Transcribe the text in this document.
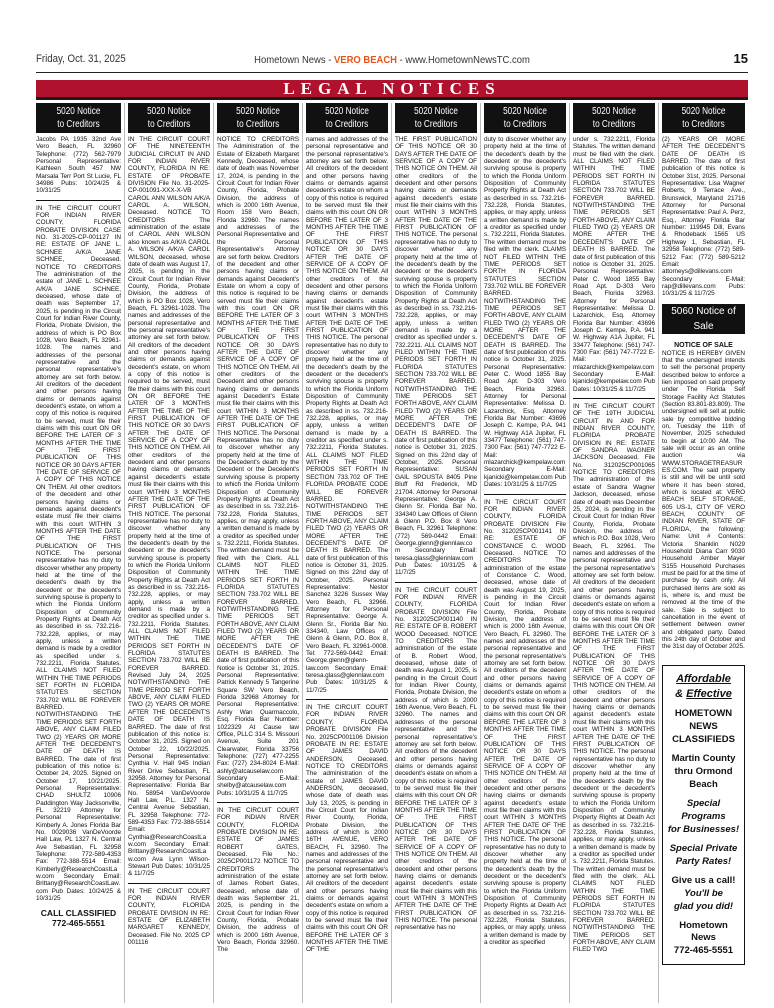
Friday, Oct. 31, 2025	Hometown News - VERO BEACH - www.HometownNewsTC.com	15
LEGAL NOTICES
5020 Notice
to Creditors
Jacobs PA 1935 32nd Ave Vero Beach, FL 32960 Telephone: (772) 562-7979 Personal Representative: Kathleen South 457 NW Marsala Terr Port St Lucie, FL 34986 Pubs: 10/24/25 & 10/31/25
IN THE CIRCUIT COURT FOR INDIAN RIVER COUNTY, FLORIDA PROBATE DIVISION CASE NO. 31-2025-CP-001127 IN RE: ESTATE OF JANE L. SCHNEE A/K/A JANE SCHNEE, Deceased. NOTICE TO CREDITORS The administration of the estate of JANE L. SCHNEE A/K/A JANE SCHNEE, deceased, whose date of death was September 17, 2025, is pending in the Circuit Court for Indian River County, Florida, Probate Division, the address of which is PO Box 1028, Vero Beach, FL 32961-1028. The names and addresses of the personal representative and the personal representative's attorney are set forth below. All creditors of the decedent and other persons having claims or demands against decedent's estate, on whom a copy of this notice is required to be served, must file their claims with this court ON OR BEFORE THE LATER OF 3 MONTHS AFTER THE TIME OF THE FIRST PUBLICATION OF THIS NOTICE OR 30 DAYS AFTER THE DATE OF SERVICE OF A COPY OF THIS NOTICE ON THEM. All other creditors of the decedent and other persons having claims or demands against decedent's estate must file their claims with this court WITHIN 3 MONTHS AFTER THE DATE OF THE FIRST PUBLICATION OF THIS NOTICE. The personal representative has no duty to discover whether any property held at the time of the decedent's death by the decedent or the decedent's surviving spouse is property to which the Florida Uniform Disposition of Community Property Rights at Death Act as described in ss. 732.216-732.228, applies, or may apply, unless a written demand is made by a creditor as specified under s. 732.2211, Florida Statutes. ALL CLAIMS NOT FILED WITHIN THE TIME PERIODS SET FORTH IN FLORIDA STATUTES SECTION 733.702 WILL BE FOREVER BARRED. NOTWITHSTANDING THE TIME PERIODS SET FORTH ABOVE, ANY CLAIM FILED TWO (2) YEARS OR MORE AFTER THE DECEDENT'S DATE OF DEATH IS BARRED. The date of first publication of this notice is: October 24, 2025. Signed on October 17, 10/21/2025. Personal Representative: CHAD SHULTZ 10906 Paddington Way Jacksonville, FL 32219 Attorney for Personal Representative: Kimberly A. Jones Florida Bar No. 0029036 VanDeVoorde Hall Law, PL 1327 N. Central Ave Sebastian, FL 32958 Telephone: 772-589-4353 Fax: 772-388-5514 Email: Kimberly@ResearchCoastLaw.com Secondary Email: Brittany@ResearchCoastLaw.com Pub Dates: 10/24/25 & 10/31/25
CALL CLASSIFIED
772-465-5551
5020 Notice
to Creditors
IN THE CIRCUIT COURT OF THE NINETEENTH JUDICIAL CIRCUIT IN AND FOR INDIAN RIVER COUNTY, FLORIDA IN RE: ESTATE OF PROBATE DIVISION File No. 31-2025-CP-001091-XXX-X-VB CAROL ANN WILSON A/K/A CAROL A. WILSON, Deceased. NOTICE TO CREDITORS The administration of the estate of CAROL ANN WILSON also known as A/K/A CAROL A. WILSON A/K/A CAROL WILSON, deceased, whose date of death was August 17, 2025, is pending in the Circuit Court for Indian River County, Florida, Probate Division, the address of which is PO Box 1028, Vero Beach, FL 32961-1028. The names and addresses of the personal representative and the personal representative's attorney are set forth below. All creditors of the decedent and other persons having claims or demands against decedent's estate, on whom a copy of this notice is required to be served, must file their claims with this court ON OR BEFORE THE LATER OF 3 MONTHS AFTER THE TIME OF THE FIRST PUBLICATION OF THIS NOTICE OR 30 DAYS AFTER THE DATE OF SERVICE OF A COPY OF THIS NOTICE ON THEM. All other creditors of the decedent and other persons having claims or demands against decedent's estate must file their claims with this court WITHIN 3 MONTHS AFTER THE DATE OF THE FIRST PUBLICATION OF THIS NOTICE. The personal representative has no duty to discover whether any property held at the time of the decedent's death by the decedent or the decedent's surviving spouse is property to which the Florida Uniform Disposition of Community Property Rights at Death Act as described in ss. 732.216-732.228, applies, or may apply, unless a written demand is made by a creditor as specified under s. 732.2211, Florida Statutes. ALL CLAIMS NOT FILED WITHIN THE TIME PERIODS SET FORTH IN FLORIDA STATUTES SECTION 733.702 WILL BE FOREVER BARRED. Revised July 24, 2025 NOTWITHSTANDING THE TIME PERIOD SET FORTH ABOVE, ANY CLAIM FILED TWO (2) YEARS OR MORE AFTER THE DECEDENT'S DATE OF DEATH IS BARRED. The date of first publication of this notice is: October 31, 2025. Signed on October 22, 10/22/2025. Personal Representative: Cynthia V. Hall 945 Indian River Drive Sebastian, FL 32958. Attorney for Personal Representative: Florida Bar No. 58954 VanDeVoorde Hall Law, P.L. 1327 N. Central Avenue Sebastian, FL 32958 Telephone: 772-589-4353 Fax: 772-388-5514 Email: Cynthia@ResearchCoastLaw.com Secondary Email: Brittany@ResearchCoastLaw.com Ava Lynn Wilson-Stewart Pub Dates: 10/31/25 & 11/7/25
IN THE CIRCUIT COURT FOR INDIAN RIVER COUNTY, FLORIDA PROBATE DIVISION IN RE: ESTATE OF ELIZABETH MARGARET KENNEDY, Deceased. File No. 2025 CP 001116
5020 Notice
to Creditors
NOTICE TO CREDITORS The Administration of the Estate of Elizabeth Margaret Kennedy, Deceased, whose date of death was November 17, 2024, is pending in the Circuit Court for Indian River County, Florida, Probate Division, the address of which is 2000 16th Avenue, Room 158 Vero Beach, Florida 32960. The names and addresses of the Personal Representative and the Personal Representative's Attorney are set forth below. Creditors of the decedent and other persons having claims or demands against Decedent's Estate on whom a copy of this notice is required to be served must file their claims with this court ON OR BEFORE THE LATER OF 3 MONTHS AFTER THE TIME OF THE FIRST PUBLICATION OF THIS NOTICE OR 30 DAYS AFTER THE DATE OF SERVICE OF A COPY OF THIS NOTICE ON THEM. All other creditors of the Decedent and other persons having claims or demands against Decedent's Estate must file their claims with this court WITHIN 3 MONTHS AFTER THE DATE OF THE FIRST PUBLICATION OF THIS NOTICE. The Personal Representative has no duty to discover whether any property held at the time of the Decedent's death by the Decedent or the Decedent's surviving spouse is property to which the Florida Uniform Disposition of Community Property Rights at Death Act as described in ss. 732.216-732.228, Florida Statutes, applies, or may apply, unless a written demand is made by a creditor as specified under s. 732.2211, Florida Statutes. The written demand must be filed with the Clerk. ALL CLAIMS NOT FILED WITHIN THE TIME PERIODS SET FORTH IN FLORIDA STATUTES SECTION 733.702 WILL BE FOREVER BARRED. NOTWITHSTANDING THE TIME PERIODS SET FORTH ABOVE, ANY CLAIM FILED TWO (2) YEARS OR MORE AFTER THE DECEDENT'S DATE OF DEATH IS BARRED. The date of first publication of this Notice is October 31, 2025. Personal Representative: Patrick Kennedy 5 Tangerine Square SW Vero Beach, Florida 32968 Attorney for Personal Representative: Ashly Wan Quarmaccolo, Esq. Florida Bar Number: 1022329 At Cause law Office, PLLC 314 S. Missouri Avenue, Suite 201 Clearwater, Florida 33756 Telephone: (727) 477-2255 Fax: (727) 234-8024 E-Mail: ashly@atcauselaw.com Secondary E-Mail: shelby@atcauselaw.com Pubs: 10/31/25 & 11/7/25
IN THE CIRCUIT COURT FOR INDIAN RIVER COUNTY, FLORIDA PROBATE DIVISION IN RE: ESTATE OF JAMES ROBERT GATES, Deceased. File No.: 2025CP001172 NOTICE TO CREDITORS The administration of the estate of James Robert Gates, deceased, whose date of death was September 21, 2025, is pending in the Circuit Court for Indian River County, Florida, Probate Division, the address of which is 2000 16th Avenue, Vero Beach, Florida 32960. The
5020 Notice
to Creditors
names and addresses of the personal representative and the personal representative's attorney are set forth below. All creditors of the decedent and other persons having claims or demands against decedent's estate on whom a copy of this notice is required to be served must file their claims with this court ON OR BEFORE THE LATER OF 3 MONTHS AFTER THE TIME OF THE FIRST PUBLICATION OF THIS NOTICE OR 30 DAYS AFTER THE DATE OF SERVICE OF A COPY OF THIS NOTICE ON THEM. All other creditors of the decedent and other persons having claims or demands against decedent's estate must file their claims with this court WITHIN 3 MONTHS AFTER THE DATE OF THE FIRST PUBLICATION OF THIS NOTICE. The personal representative has no duty to discover whether any property held at the time of the decedent's death by the decedent or the decedent's surviving spouse is property to which the Florida Uniform Disposition of Community Property Rights at Death Act as described in ss. 732.216-732.228, applies, or may apply, unless a written demand is made by a creditor as specified under s. 732.2211, Florida Statutes. ALL CLAIMS NOT FILED WITHIN THE TIME PERIODS SET FORTH IN SECTION 733.702 OF THE FLORIDA PROBATE CODE WILL BE FOREVER BARRED. NOTWITHSTANDING THE TIME PERIODS SET FORTH ABOVE, ANY CLAIM FILED TWO (2) YEARS OR MORE AFTER THE DECEDENT'S DATE OF DEATH IS BARRED. The date of first publication of this notice is October 31, 2025. Signed on this 22nd day of October, 2025. Personal Representative: Nestor Sanchez 3226 Sussex Way Vero Beach, FL 32966. Attorney for Personal Representative: George A. Glenn Sr., Florida Bar No. 334340, Law Offices of Glenn & Glenn, P.O. Box 8, Vero Beach, FL 32961-0008. Tel: 772-569-0442 Email: George.glenn@glenn-law.com Secondary Email: teresa.glass@glennlaw.com Pub Dates: 10/31/25 & 11/7/25
IN THE CIRCUIT COURT FOR INDIAN RIVER COUNTY, FLORIDA PROBATE DIVISION File No. 2025CP001106 Division PROBATE IN RE: ESTATE OF JAMES DAVID ANDERSON, Deceased. NOTICE TO CREDITORS The administration of the estate of JAMES DAVID ANDERSON, deceased, whose date of death was July 13, 2025, is pending in the Circuit Court for Indian River County, Florida, Probate Division, the address of which is 2000 16TH AVENUE, VERO BEACH, FL 32960. The names and addresses of the personal representative and the personal representative's attorney are set forth below. All creditors of the decedent and other persons having claims or demands against decedent's estate on whom a copy of this notice is required to be served must file their claims with this court ON OR BEFORE THE LATER OF 3 MONTHS AFTER THE TIME OF THE
5020 Notice
to Creditors
THE FIRST PUBLICATION OF THIS NOTICE OR 30 DAYS AFTER THE DATE OF SERVICE OF A COPY OF THIS NOTICE ON THEM. All other creditors of the decedent and other persons having claims or demands against decedent's estate must file their claims with this court WITHIN 3 MONTHS AFTER THE DATE OF THE FIRST PUBLICATION OF THIS NOTICE. The personal representative has no duty to discover whether any property held at the time of the decedent's death by the decedent or the decedent's surviving spouse is property to which the Florida Uniform Disposition of Community Property Rights at Death Act as described in ss. 732.216-732.228, applies, or may apply, unless a written demand is made by a creditor as specified under s. 732.2211. ALL CLAIMS NOT FILED WITHIN THE TIME PERIODS SET FORTH IN FLORIDA STATUTES SECTION 733.702 WILL BE FOREVER BARRED. NOTWITHSTANDING THE TIME PERIODS SET FORTH ABOVE, ANY CLAIM FILED TWO (2) YEARS OR MORE AFTER THE DECEDENT'S DATE OF DEATH IS BARRED. The date of first publication of this notice is October 31, 2025. Signed on this 22nd day of October, 2025. Personal Representative: SUSAN GAIL SPOUSTA 8405 Pine Bluff Rd Frederick, MD 21704. Attorney for Personal Representative: George A. Glenn Sr. Florida Bar No. 334340 Law Offices of Glenn & Glenn P.O. Box 8 Vero Beach, FL 32961 Telephone: (772) 569-0442 Email: George.glenn@glennlaw.com Secondary Email: teresa.glass@glennlaw.com Pub Dates: 10/31/25 & 11/7/25
IN THE CIRCUIT COURT FOR INDIAN RIVER COUNTY, FLORIDA PROBATE DIVISION File No. 312025CP001140 IN RE: ESTATE OF B. ROBERT WOOD Deceased. NOTICE TO CREDITORS The administration of the estate of B. Robert Wood, deceased, whose date of death was August 1, 2025, is pending in the Circuit Court for Indian River County, Florida, Probate Division, the address of which is 2000 16th Avenue, Vero Beach, FL 32960. The names and addresses of the personal representative and the personal representative's attorney are set forth below. All creditors of the decedent and other persons having claims or demands against decedent's estate on whom a copy of this notice is required to be served must file their claims with this court ON OR BEFORE THE LATER OF 3 MONTHS AFTER THE TIME OF THE FIRST PUBLICATION OF THIS NOTICE OR 30 DAYS AFTER THE DATE OF SERVICE OF A COPY OF THIS NOTICE ON THEM. All other creditors of the decedent and other persons having claims or demands against decedent's estate must file their claims with this court WITHIN 3 MONTHS AFTER THE DATE OF THE FIRST PUBLICATION OF THIS NOTICE. The personal representative has no
5020 Notice
to Creditors
duty to discover whether any property held at the time of the decedent's death by the decedent or the decedent's surviving spouse is property to which the Florida Uniform Disposition of Community Property Rights at Death Act as described in ss. 732.216-732.228, Florida Statutes, applies, or may apply, unless a written demand is made by a creditor as specified under s. 732.2211, Florida Statutes. The written demand must be filed with the clerk. CLAIMS NOT FILED WITHIN THE TIME PERIODS SET FORTH IN FLORIDA STATUTES SECTION 733.702 WILL BE FOREVER BARRED. NOTWITHSTANDING THE TIME PERIODS SET FORTH ABOVE, ANY CLAIM FILED TWO (2) YEARS OR MORE AFTER THE DECEDENT'S DATE OF DEATH IS BARRED. The date of first publication of this notice is October 31, 2025. Personal Representative: Peter C. Wood 1855 Bay Road Apt. D-303 Vero Beach, Florida 32963. Attorney for Personal Representative: Melissa D. Lazarchick, Esq. Attorney Florida Bar Number: 43696 Joseph C. Kempe, P.A. 941 W. Highway A1A Jupiter, FL 33477 Telephone: (561) 747-7300 Fax: (561) 747-7722 E-Mail: mlazarchick@kempelaw.com Secondary E-Mail: kjanicki@kempelaw.com Pub Dates: 10/31/25 & 11/7/25
IN THE CIRCUIT COURT FOR INDIAN RIVER COUNTY, FLORIDA PROBATE DIVISION File No. 312025CP001141 IN RE: ESTATE OF CONSTANCE C. WOOD Deceased. NOTICE TO CREDITORS The administration of the estate of Constance C. Wood, deceased, whose date of death was August 19, 2025, is pending in the Circuit Court for Indian River County, Florida, Probate Division, the address of which is 2000 16th Avenue, Vero Beach, FL 32960. The names and addresses of the personal representative and the personal representative's attorney are set forth below. All creditors of the decedent and other persons having claims or demands against decedent's estate on whom a copy of this notice is required to be served must file their claims with this court ON OR BEFORE THE LATER OF 3 MONTHS AFTER THE TIME OF THE FIRST PUBLICATION OF THIS NOTICE OR 30 DAYS AFTER THE DATE OF SERVICE OF A COPY OF THIS NOTICE ON THEM. All other creditors of the decedent and other persons having claims or demands against decedent's estate must file their claims with this court WITHIN 3 MONTHS AFTER THE DATE OF THE FIRST PUBLICATION OF THIS NOTICE. The personal representative has no duty to discover whether any property held at the time of the decedent's death by the decedent or the decedent's surviving spouse is property to which the Florida Uniform Disposition of Community Property Rights at Death Act as described in ss. 732.216-732.228, Florida Statutes, applies, or may apply, unless a written demand is made by a creditor as specified
5020 Notice
to Creditors
under s. 732.2211, Florida Statutes. The written demand must be filed with the clerk. ALL CLAIMS NOT FILED WITHIN THE TIME PERIODS SET FORTH IN FLORIDA STATUTES SECTION 733.702 WILL BE FOREVER BARRED. NOTWITHSTANDING THE TIME PERIODS SET FORTH ABOVE, ANY CLAIM FILED TWO (2) YEARS OR MORE AFTER THE DECEDENT'S DATE OF DEATH IS BARRED. The date of first publication of this notice is October 31, 2025. Personal Representative: Peter C. Wood 1855 Bay Road Apt. D-303 Vero Beach, Florida 32963. Attorney for Personal Representative: Melissa D. Lazarchick, Esq. Attorney Florida Bar Number: 43696 Joseph C. Kempe, P.A. 941 W. Highway A1A Jupiter, FL 33477 Telephone: (561) 747-7300 Fax: (561) 747-7722 E-Mail: mlazarchick@kempelaw.com Secondary E-Mail: kjanicki@kempelaw.com Pub Dates: 10/31/25 & 11/7/25
IN THE CIRCUIT COURT OF THE 19TH JUDICIAL CIRCUIT IN AND FOR INDIAN RIVER COUNTY, FLORIDA PROBATE DIVISION IN RE: ESTATE OF SANDRA WAGNER JACKSON Deceased. File No. 312025CP001065 NOTICE TO CREDITORS The administration of the estate of Sandra Wagner Jackson, deceased, whose date of death was December 25, 2024, is pending in the Circuit Court for Indian River County, Florida, Probate Division, the address of which is P.O. Box 1028, Vero Beach, FL 32961. The names and addresses of the personal representative and the personal representative's attorney are set forth below. All creditors of the decedent and other persons having claims or demands against decedent's estate on whom a copy of this notice is required to be served must file their claims with this court ON OR BEFORE THE LATER OF 3 MONTHS AFTER THE TIME OF THE FIRST PUBLICATION OF THIS NOTICE OR 30 DAYS AFTER THE DATE OF SERVICE OF A COPY OF THIS NOTICE ON THEM. All other creditors of the decedent and other persons having claims or demands against decedent's estate must file their claims with this court WITHIN 3 MONTHS AFTER THE DATE OF THE FIRST PUBLICATION OF THIS NOTICE. The personal representative has no duty to discover whether any property held at the time of the decedent's death by the decedent or the decedent's surviving spouse is property to which the Florida Uniform Disposition of Community Property Rights at Death Act as described in ss. 732.216-732.228, Florida Statutes, applies, or may apply, unless a written demand is made by a creditor as specified under s. 732.2211, Florida Statutes. The written demand must be filed with the clerk. ALL CLAIMS NOT FILED WITHIN THE TIME PERIODS SET FORTH IN FLORIDA STATUTES SECTION 733.702 WILL BE FOREVER BARRED. NOTWITHSTANDING THE TIME PERIODS SET FORTH ABOVE, ANY CLAIM FILED TWO
5020 Notice
to Creditors
(2) YEARS OR MORE AFTER THE DECEDENT'S DATE OF DEATH IS BARRED. The date of first publication of this notice is October 31st, 2025. Personal Representative: Lisa Wagner Roberts, 9 Terrace Ave., Brunswick, Maryland 21716 Attorney for Personal Representative: Paul A. Perz, Esq., Attorney Florida Bar Number: 119945 Dill, Evans & Rhodeback 1565 US Highway 1, Sebastian, FL 32958 Telephone: (772) 589-5212 Fax: (772) 589-5212 Email: attorneys@dillevans.com Secondary E-Mail: rap@dillevans.com Pubs: 10/31/25 & 11/7/25
5060 Notice of Sale
NOTICE OF SALE
NOTICE IS HEREBY GIVEN that the undersigned intends to sell the personal property described below to enforce a lien imposed on said property under The Florida Self Storage Facility Act Statutes (Section 83.801-83.809). The undersigned will sell at public sale by competitive bidding on, Tuesday the 11th of November, 2025 scheduled to begin at 10:00 AM. The sale will occur as an online auction via WWW.STORAGETREASURES.COM. The said property is still and will be until sold where it has been stored, which is located at: VERO BEACH SELF STORAGE, 605 US-1, CITY OF VERO BEACH, COUNTY OF INDIAN RIVER, STATE OF FLORIDA, the following: Name: Unit # Contents: Victoria Shanklin N029 Household Diana Carr 9030 Household Amber Mayer S155 Household Purchases must be paid for at the time of purchase by cash only. All purchased items are sold as is, where is, and must be removed at the time of the sale. Sale is subject to cancellation in the event of settlement between owner and obligated party. Dated this 24th day of October and the 31st day of October 2025.
Affordable
& Effective
HOMETOWN
NEWS
CLASSIFIEDS
Martin County
thru Ormond
Beach
Special
Programs
for Businesses!
Special Private
Party Rates!
Give us a call!
You'll be
glad you did!
Hometown News
772-465-5551
